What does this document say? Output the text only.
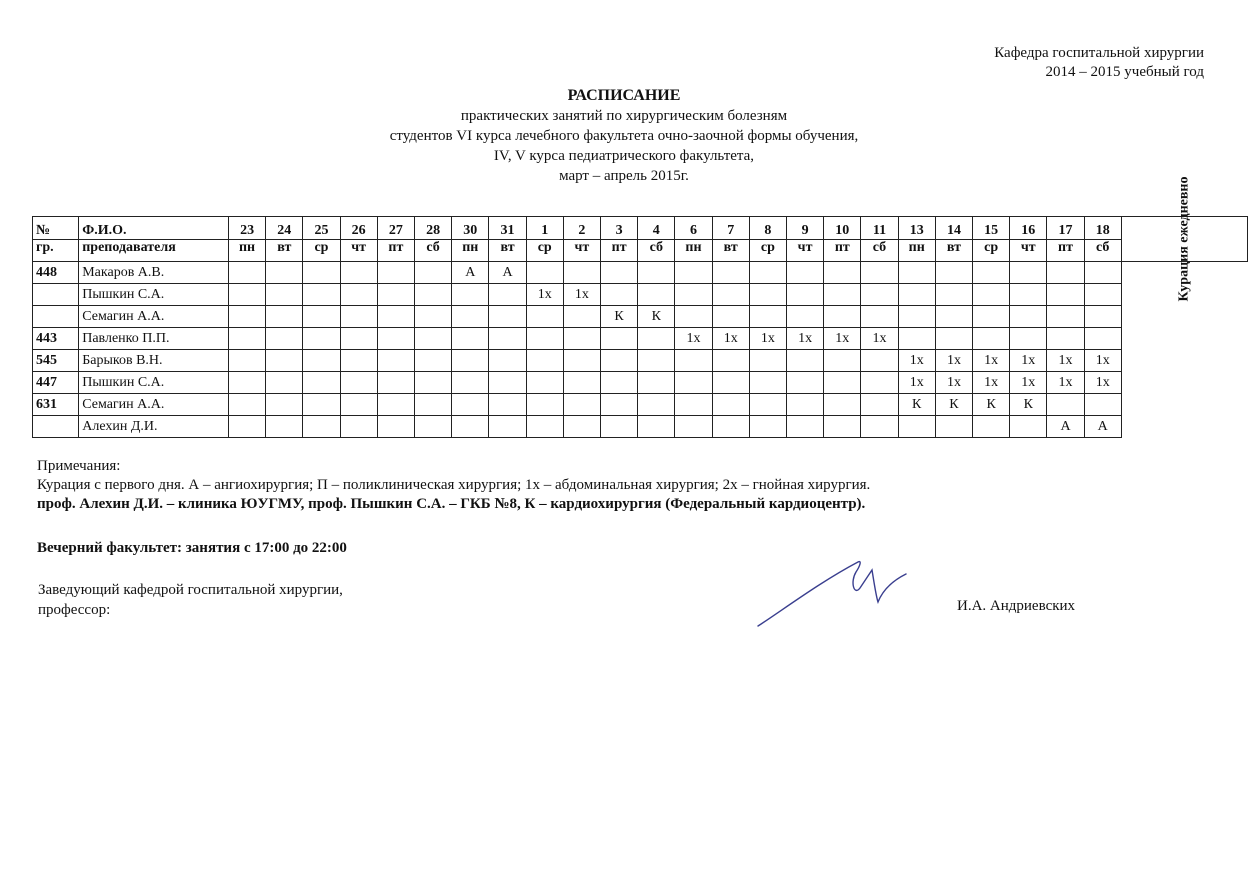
Кафедра госпитальной хирургии
2014 – 2015 учебный год
РАСПИСАНИЕ
практических занятий по хирургическим болезням
студентов VI курса лечебного факультета очно-заочной формы обучения,
IV, V курса педиатрического факультета,
март – апрель 2015г.
№	Ф.И.О.	23	24	25	26	27	28	30	31	1	2	3	4	6	7	8	9	10	11	13	14	15	16	17	18	Курация ежедневно
гр.	преподавателя	пн	вт	ср	чт	пт	сб	пн	вт	ср	чт	пт	сб	пн	вт	ср	чт	пт	сб	пн	вт	ср	чт	пт	сб	
448	Макаров А.В.							А	А																	
	Пышкин С.А.									1х	1х															
	Семагин А.А.											К	К													
443	Павленко П.П.													1х	1х	1х	1х	1х	1х							
545	Барыков В.Н.																			1х	1х	1х	1х	1х	1х	
447	Пышкин С.А.																			1х	1х	1х	1х	1х	1х	
631	Семагин А.А.																			К	К	К	К			
	Алехин Д.И.																							А	А	
Примечания:
Курация с первого дня. А – ангиохирургия; П – поликлиническая хирургия; 1х – абдоминальная хирургия; 2х – гнойная хирургия.
проф. Алехин Д.И. – клиника ЮУГМУ, проф. Пышкин С.А. – ГКБ №8, К – кардиохирургия (Федеральный кардиоцентр).
Вечерний факультет: занятия с 17:00 до 22:00
Заведующий кафедрой госпитальной хирургии,
профессор:	И.А. Андриевских
